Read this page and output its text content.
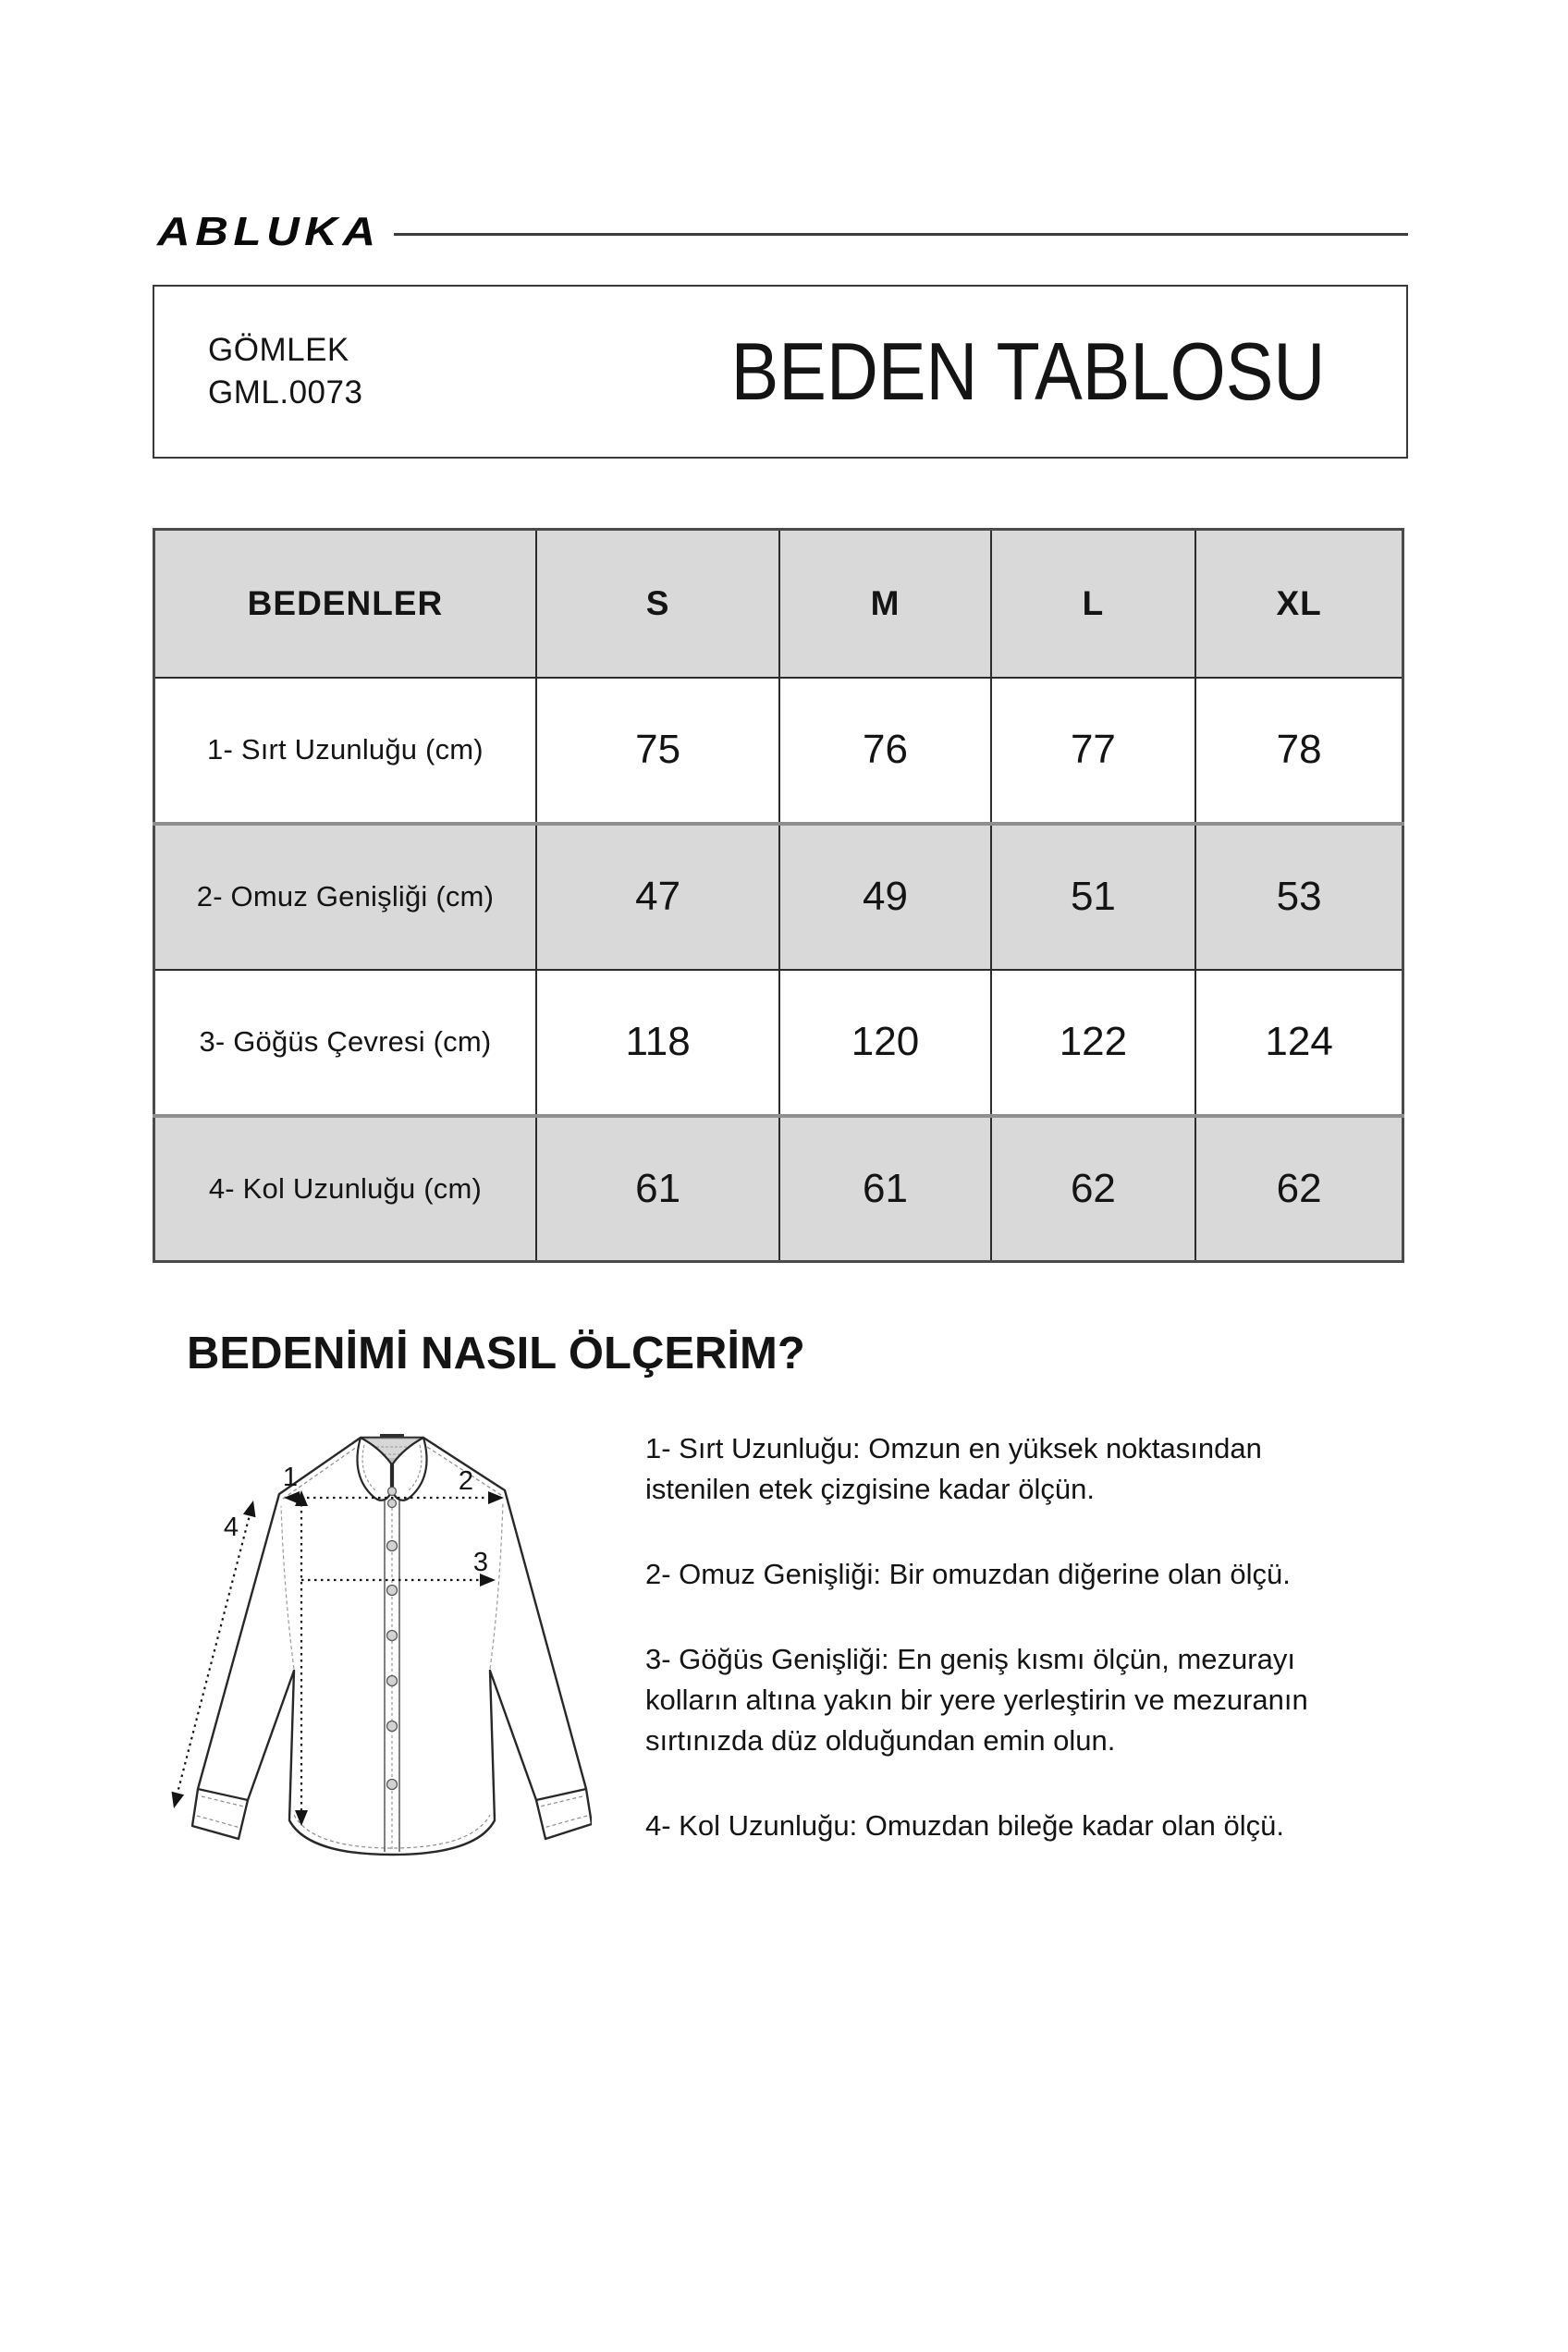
ABLUKA
GÖMLEK
GML.0073	BEDEN TABLOSU
BEDENLER	S	M	L	XL
1- Sırt Uzunluğu (cm)	75	76	77	78
2- Omuz Genişliği (cm)	47	49	51	53
3- Göğüs Çevresi (cm)	118	120	122	124
4- Kol Uzunluğu (cm)	61	61	62	62
BEDENİMİ NASIL ÖLÇERİM?
1	2
3
4

1- Sırt Uzunluğu: Omzun en yüksek noktasından istenilen etek çizgisine kadar ölçün.

2- Omuz Genişliği: Bir omuzdan diğerine olan ölçü.

3- Göğüs Genişliği: En geniş kısmı ölçün, mezurayı kolların altına yakın bir yere yerleştirin ve mezuranın sırtınızda düz olduğundan emin olun.

4- Kol Uzunluğu: Omuzdan bileğe kadar olan ölçü.
